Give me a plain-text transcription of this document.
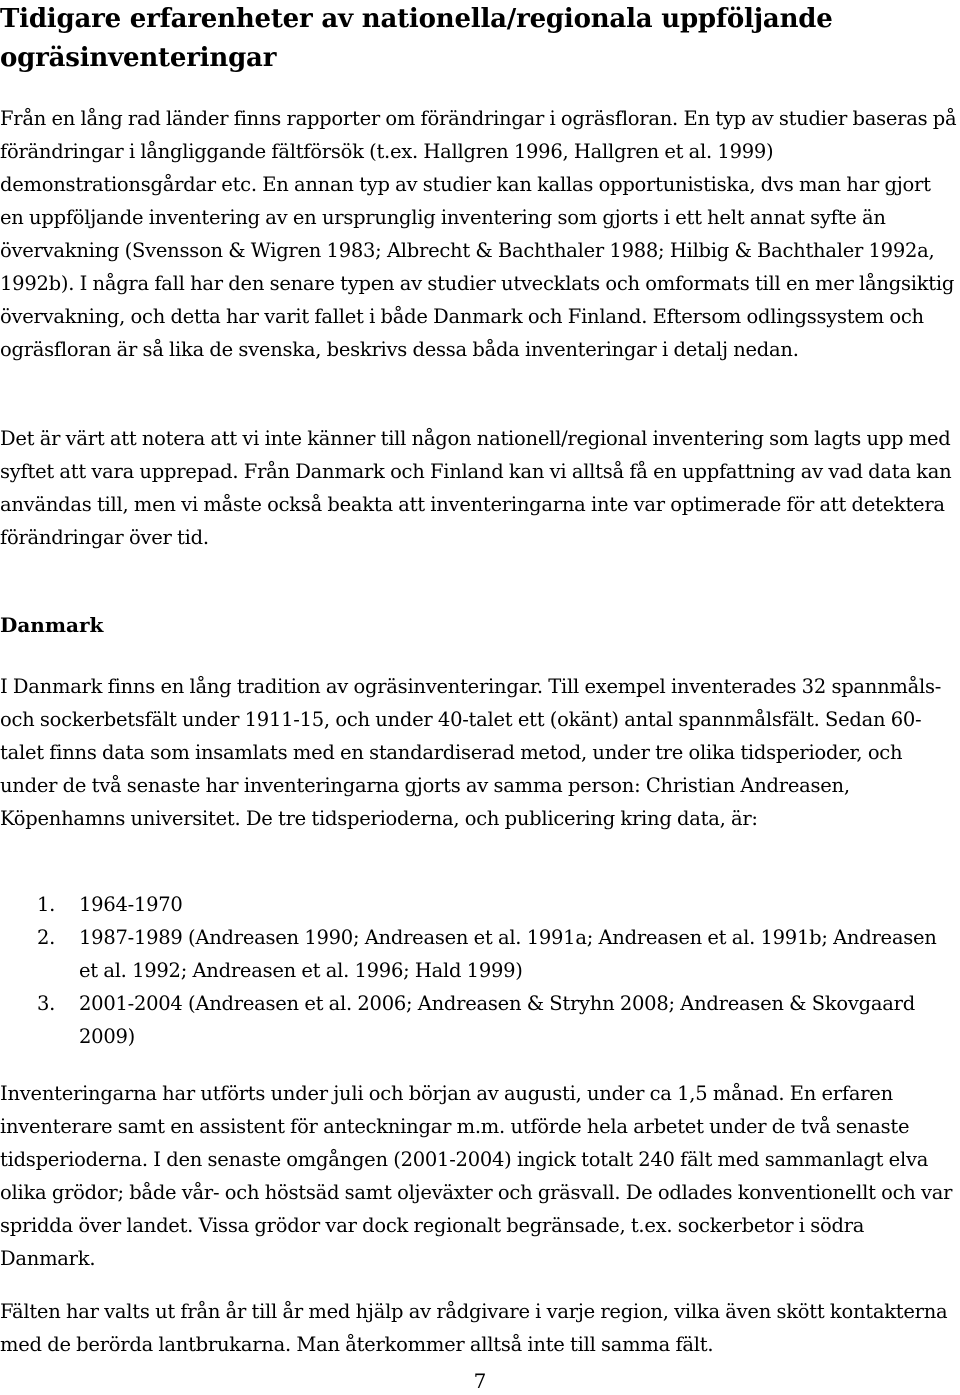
Tidigare erfarenheter av nationella/regionala uppföljande ogräsinventeringar

Från en lång rad länder finns rapporter om förändringar i ogräsfloran. En typ av studier baseras på förändringar i långliggande fältförsök (t.ex. Hallgren 1996, Hallgren et al. 1999) demonstrationsgårdar etc. En annan typ av studier kan kallas opportunistiska, dvs man har gjort en uppföljande inventering av en ursprunglig inventering som gjorts i ett helt annat syfte än övervakning (Svensson & Wigren 1983; Albrecht & Bachthaler 1988; Hilbig & Bachthaler 1992a, 1992b). I några fall har den senare typen av studier utvecklats och omformats till en mer långsiktig övervakning, och detta har varit fallet i både Danmark och Finland. Eftersom odlingssystem och ogräsfloran är så lika de svenska, beskrivs dessa båda inventeringar i detalj nedan.

Det är värt att notera att vi inte känner till någon nationell/regional inventering som lagts upp med syftet att vara upprepad. Från Danmark och Finland kan vi alltså få en uppfattning av vad data kan användas till, men vi måste också beakta att inventeringarna inte var optimerade för att detektera förändringar över tid.

Danmark

I Danmark finns en lång tradition av ogräsinventeringar. Till exempel inventerades 32 spannmåls- och sockerbetsfält under 1911-15, och under 40-talet ett (okänt) antal spannmålsfält. Sedan 60-talet finns data som insamlats med en standardiserad metod, under tre olika tidsperioder, och under de två senaste har inventeringarna gjorts av samma person: Christian Andreasen, Köpenhamns universitet. De tre tidsperioderna, och publicering kring data, är:

1. 1964-1970
2. 1987-1989 (Andreasen 1990; Andreasen et al. 1991a; Andreasen et al. 1991b; Andreasen et al. 1992; Andreasen et al. 1996; Hald 1999)
3. 2001-2004 (Andreasen et al. 2006; Andreasen & Stryhn 2008; Andreasen & Skovgaard 2009)

Inventeringarna har utförts under juli och början av augusti, under ca 1,5 månad. En erfaren inventerare samt en assistent för anteckningar m.m. utförde hela arbetet under de två senaste tidsperioderna. I den senaste omgången (2001-2004) ingick totalt 240 fält med sammanlagt elva olika grödor; både vår- och höstsäd samt oljeväxter och gräsvall. De odlades konventionellt och var spridda över landet. Vissa grödor var dock regionalt begränsade, t.ex. sockerbetor i södra Danmark.

Fälten har valts ut från år till år med hjälp av rådgivare i varje region, vilka även skött kontakterna med de berörda lantbrukarna. Man återkommer alltså inte till samma fält.

7
